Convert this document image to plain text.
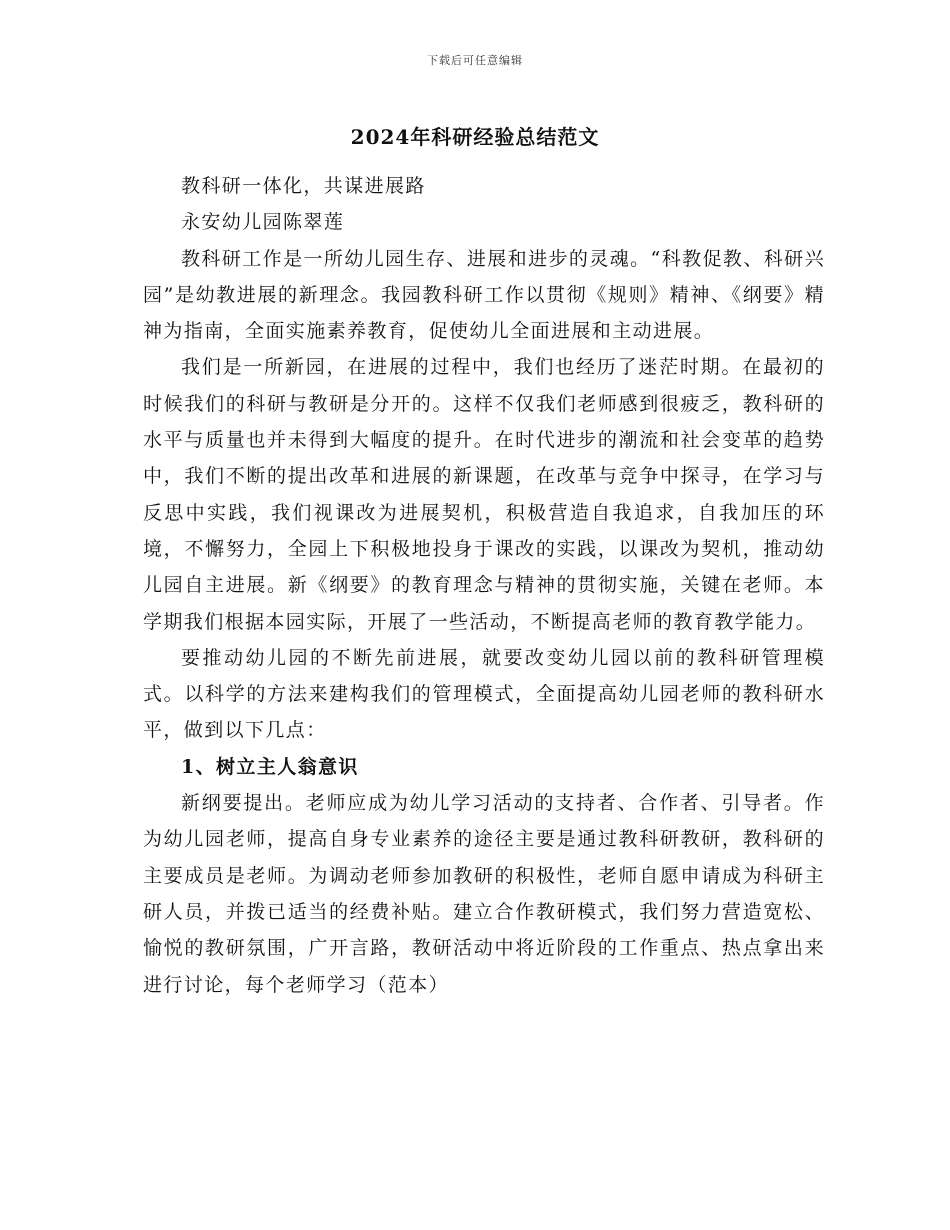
下载后可任意编辑
2024年科研经验总结范文

教科研一体化，共谋进展路

永安幼儿园陈翠莲

教科研工作是一所幼儿园生存、进展和进步的灵魂。“科教促教、科研兴园”是幼教进展的新理念。我园教科研工作以贯彻《规则》精神、《纲要》精神为指南，全面实施素养教育，促使幼儿全面进展和主动进展。

我们是一所新园，在进展的过程中，我们也经历了迷茫时期。在最初的时候我们的科研与教研是分开的。这样不仅我们老师感到很疲乏，教科研的水平与质量也并未得到大幅度的提升。在时代进步的潮流和社会变革的趋势中，我们不断的提出改革和进展的新课题，在改革与竞争中探寻，在学习与反思中实践，我们视课改为进展契机，积极营造自我追求，自我加压的环境，不懈努力，全园上下积极地投身于课改的实践，以课改为契机，推动幼儿园自主进展。新《纲要》的教育理念与精神的贯彻实施，关键在老师。本学期我们根据本园实际，开展了一些活动，不断提高老师的教育教学能力。

要推动幼儿园的不断先前进展，就要改变幼儿园以前的教科研管理模式。以科学的方法来建构我们的管理模式，全面提高幼儿园老师的教科研水平，做到以下几点：

1、树立主人翁意识

新纲要提出。老师应成为幼儿学习活动的支持者、合作者、引导者。作为幼儿园老师，提高自身专业素养的途径主要是通过教科研教研，教科研的主要成员是老师。为调动老师参加教研的积极性，老师自愿申请成为科研主研人员，并拨已适当的经费补贴。建立合作教研模式，我们努力营造宽松、愉悦的教研氛围，广开言路，教研活动中将近阶段的工作重点、热点拿出来进行讨论，每个老师学习（范本）
